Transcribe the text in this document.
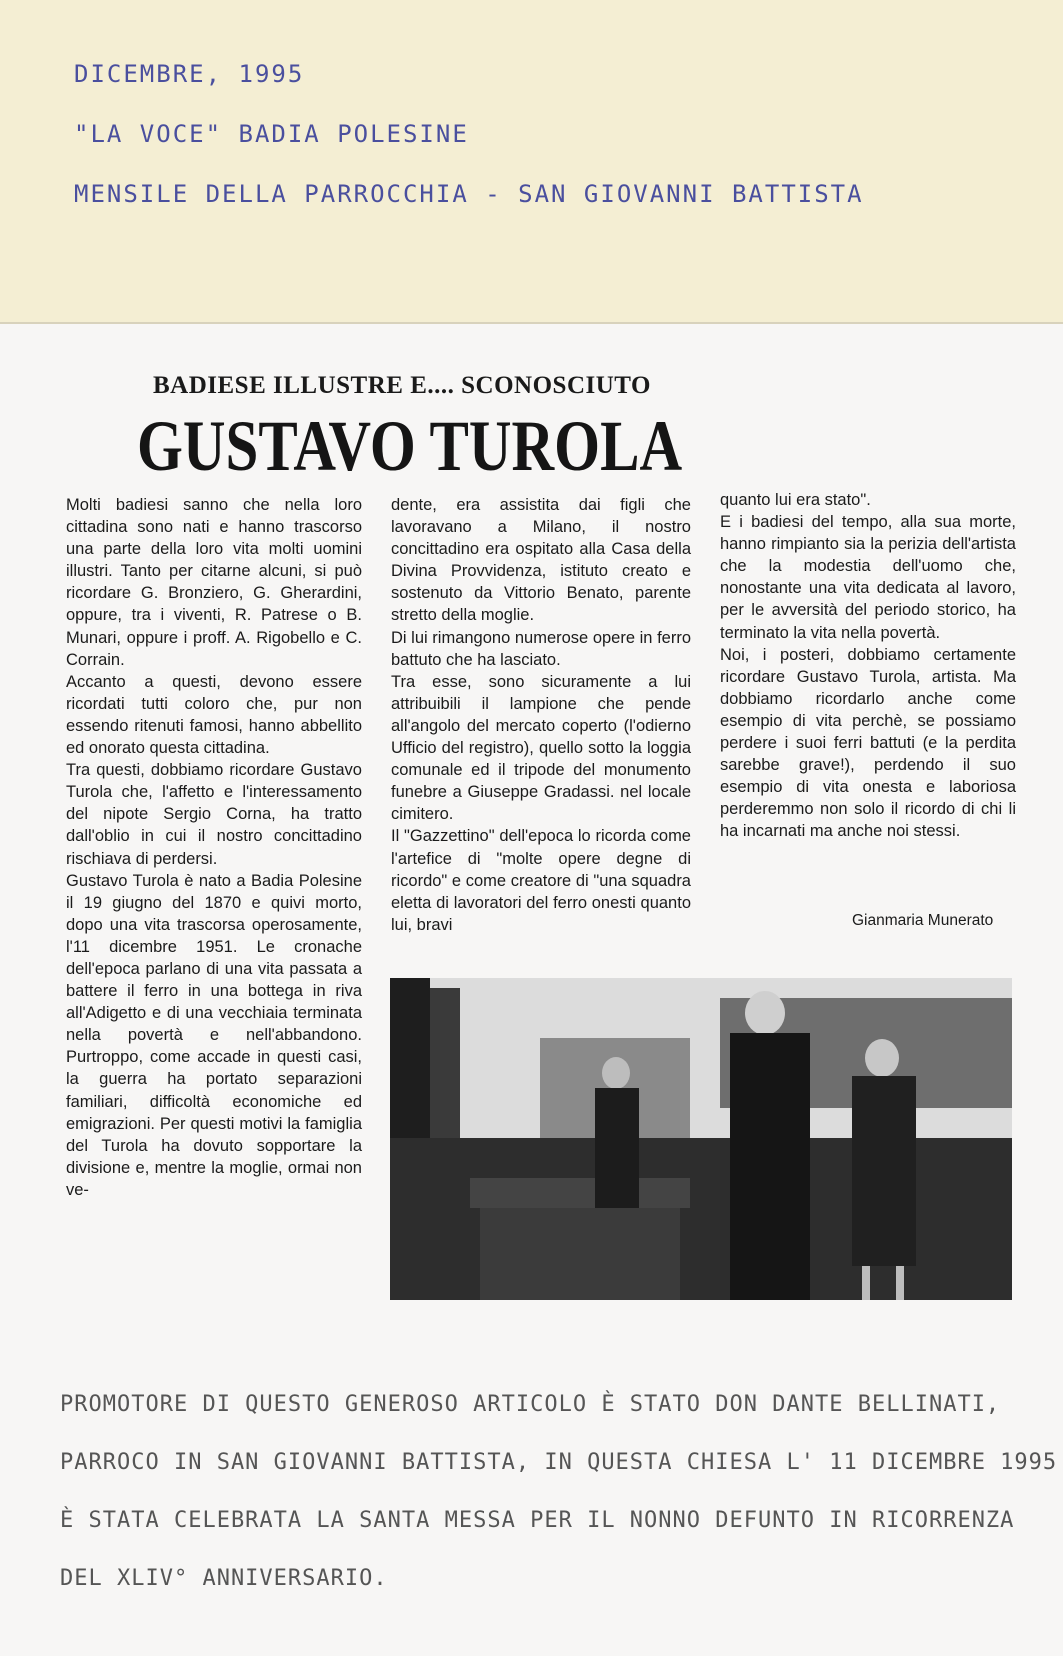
DICEMBRE, 1995
"LA VOCE" BADIA POLESINE
MENSILE DELLA PARROCCHIA - SAN GIOVANNI BATTISTA
BADIESE ILLUSTRE E.... SCONOSCIUTO
GUSTAVO TUROLA

Molti badiesi sanno che nella loro cittadina sono nati e hanno trascorso una parte della loro vita molti uomini illustri. Tanto per citarne alcuni, si può ricordare G. Bronziero, G. Gherardini, oppure, tra i viventi, R. Patrese o B. Munari, oppure i proff. A. Rigobello e C. Corrain.

Accanto a questi, devono essere ricordati tutti coloro che, pur non essendo ritenuti famosi, hanno abbellito ed onorato questa cittadina.

Tra questi, dobbiamo ricordare Gustavo Turola che, l'affetto e l'interessamento del nipote Sergio Corna, ha tratto dall'oblio in cui il nostro concittadino rischiava di perdersi.

Gustavo Turola è nato a Badia Polesine il 19 giugno del 1870 e quivi morto, dopo una vita trascorsa operosamente, l'11 dicembre 1951. Le cronache dell'epoca parlano di una vita passata a battere il ferro in una bottega in riva all'Adigetto e di una vecchiaia terminata nella povertà e nell'abbandono. Purtroppo, come accade in questi casi, la guerra ha portato separazioni familiari, difficoltà economiche ed emigrazioni. Per questi motivi la famiglia del Turola ha dovuto sopportare la divisione e, mentre la moglie, ormai non ve-

dente, era assistita dai figli che lavoravano a Milano, il nostro concittadino era ospitato alla Casa della Divina Provvidenza, istituto creato e sostenuto da Vittorio Benato, parente stretto della moglie.

Di lui rimangono numerose opere in ferro battuto che ha lasciato.

Tra esse, sono sicuramente a lui attribuibili il lampione che pende all'angolo del mercato coperto (l'odierno Ufficio del registro), quello sotto la loggia comunale ed il tripode del monumento funebre a Giuseppe Gradassi. nel locale cimitero.

Il "Gazzettino" dell'epoca lo ricorda come l'artefice di "molte opere degne di ricordo" e come creatore di "una squadra eletta di lavoratori del ferro onesti quanto lui, bravi

quanto lui era stato".

E i badiesi del tempo, alla sua morte, hanno rimpianto sia la perizia dell'artista che la modestia dell'uomo che, nonostante una vita dedicata al lavoro, per le avversità del periodo storico, ha terminato la vita nella povertà.

Noi, i posteri, dobbiamo certamente ricordare Gustavo Turola, artista. Ma dobbiamo ricordarlo anche come esempio di vita perchè, se possiamo perdere i suoi ferri battuti (e la perdita sarebbe grave!), perdendo il suo esempio di vita onesta e laboriosa perderemmo non solo il ricordo di chi li ha incarnati ma anche noi stessi.

Gianmaria Munerato
PROMOTORE DI QUESTO GENEROSO ARTICOLO È STATO DON DANTE BELLINATI,
PARROCO IN SAN GIOVANNI BATTISTA, IN QUESTA CHIESA L' 11 DICEMBRE 1995
È STATA CELEBRATA LA SANTA MESSA PER IL NONNO DEFUNTO IN RICORRENZA
DEL XLIV° ANNIVERSARIO.
